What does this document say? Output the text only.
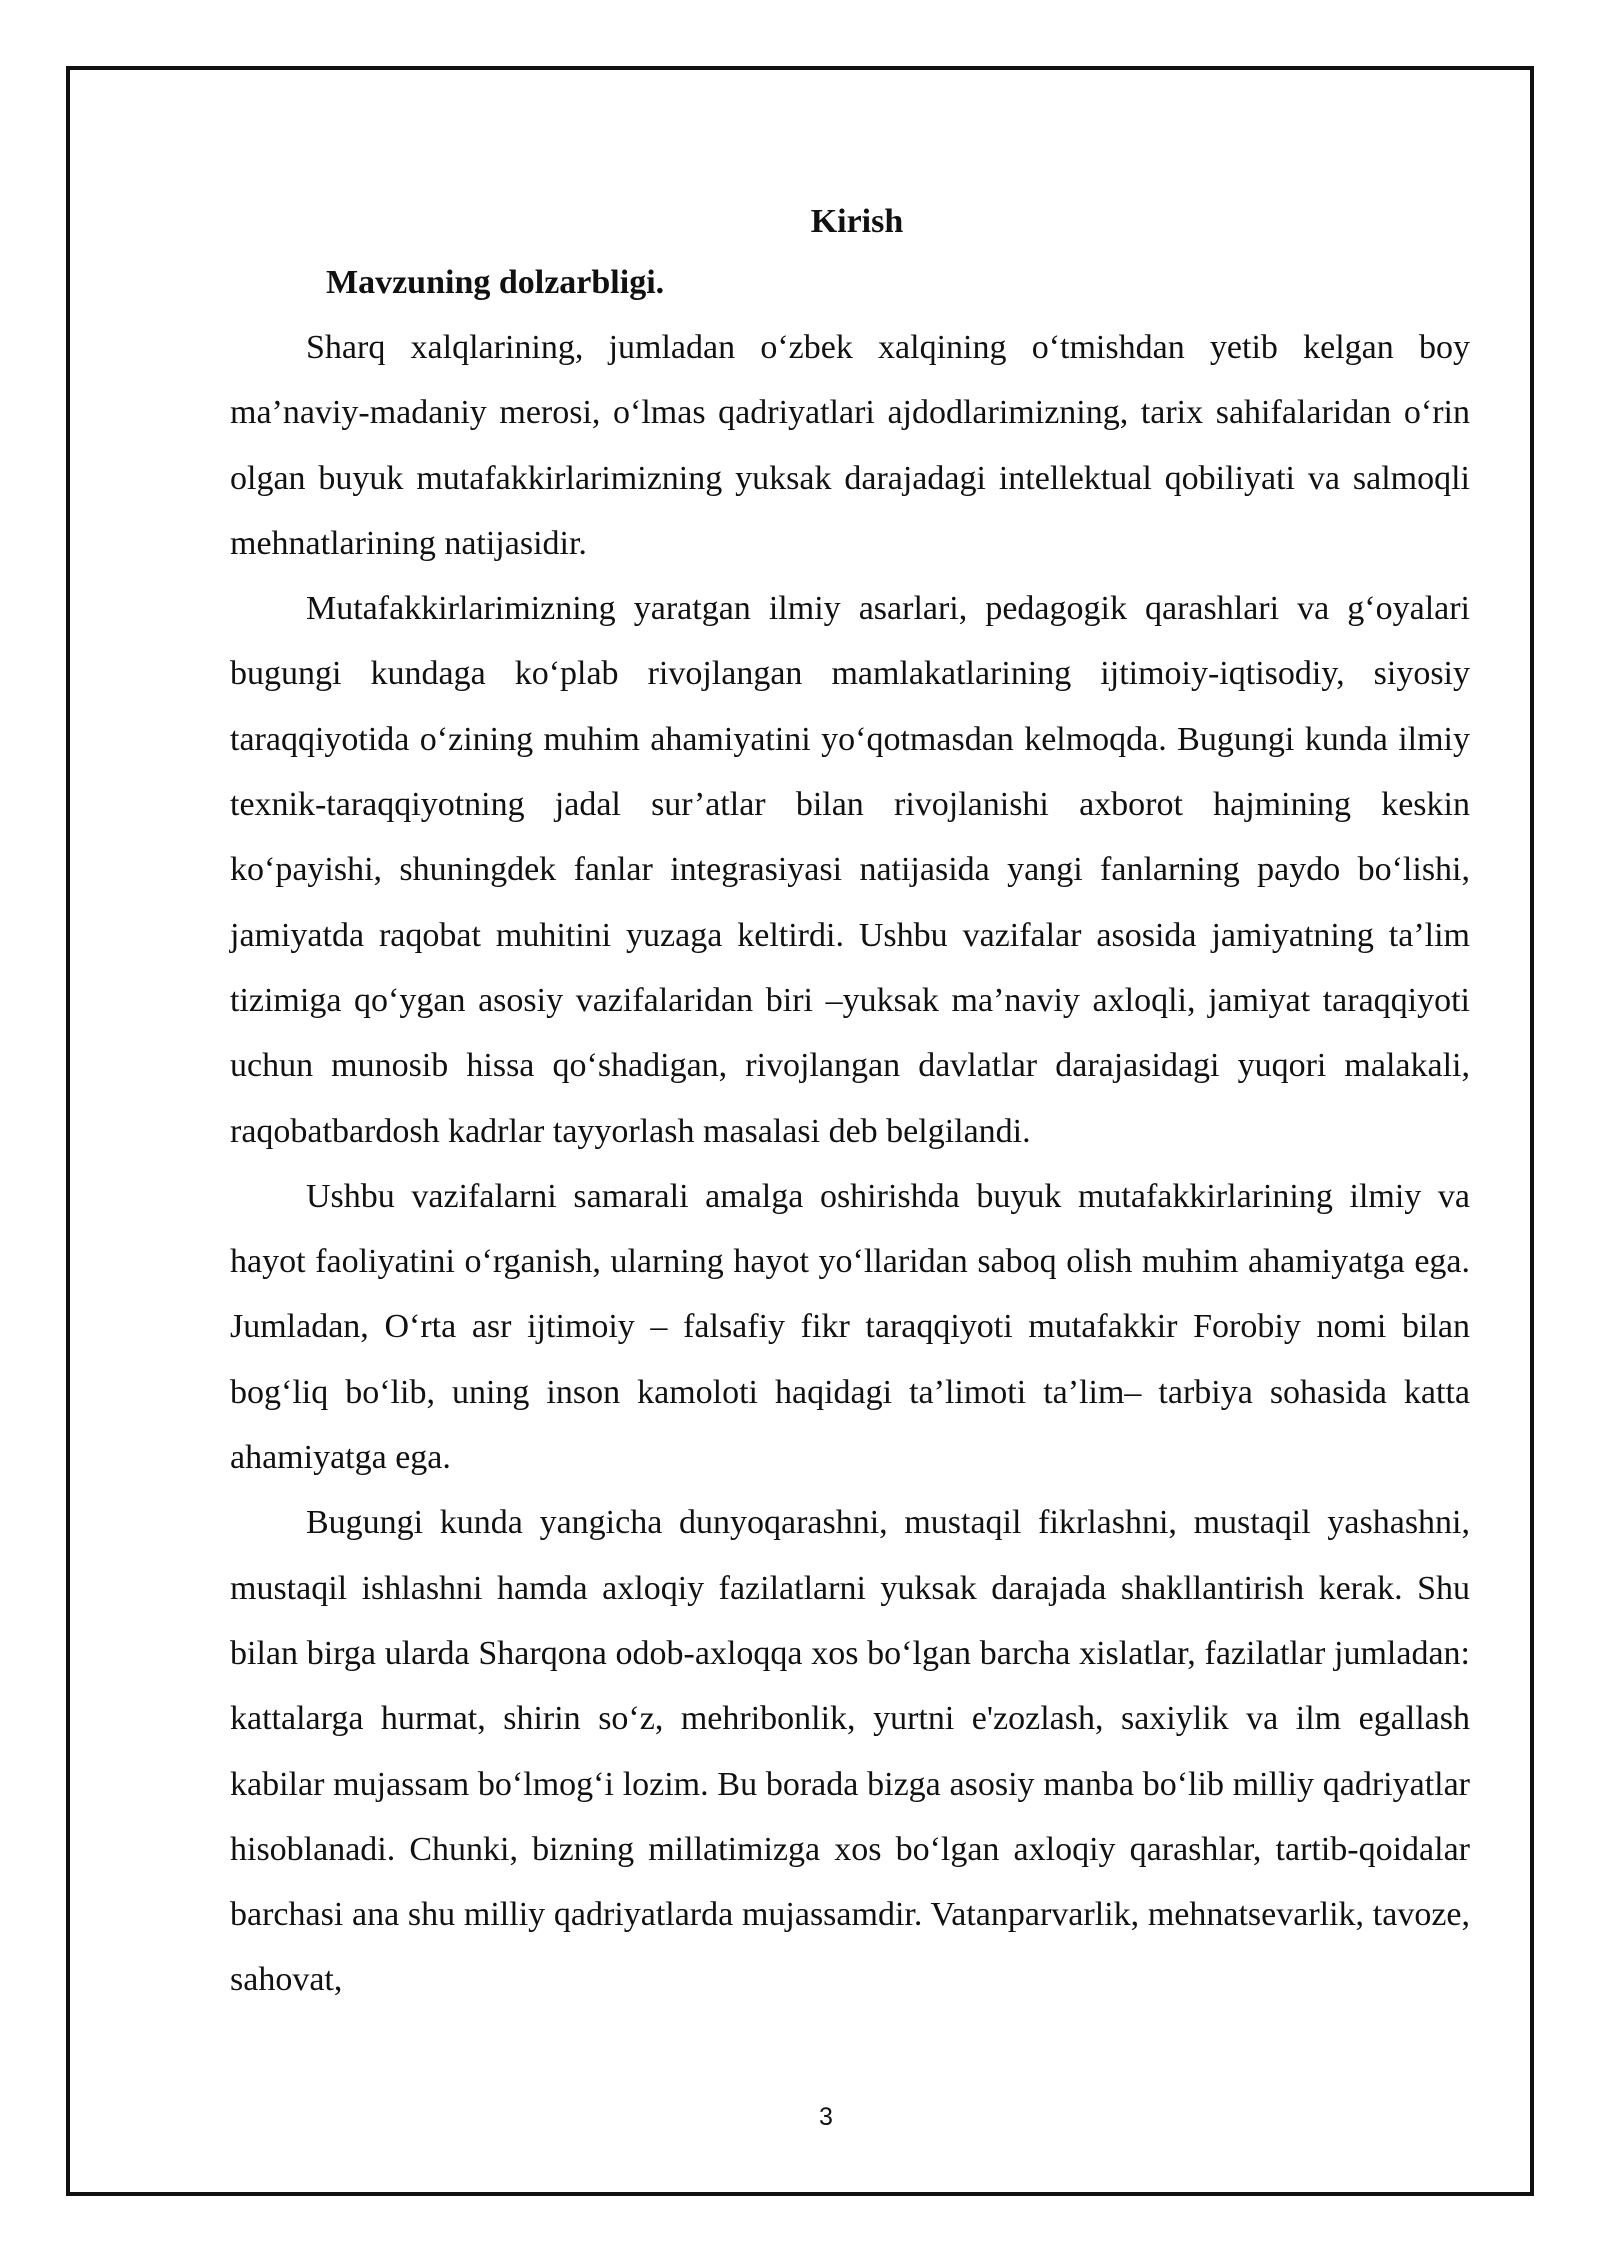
Kirish
Mavzuning dolzarbligi.

Sharq xalqlarining, jumladan o‘zbek xalqining o‘tmishdan yetib kelgan boy ma’naviy-madaniy merosi, o‘lmas qadriyatlari ajdodlarimizning, tarix sahifalaridan o‘rin olgan buyuk mutafakkirlarimizning yuksak darajadagi intellektual qobiliyati va salmoqli mehnatlarining natijasidir.

Mutafakkirlarimizning yaratgan ilmiy asarlari, pedagogik qarashlari va g‘oyalari bugungi kundaga ko‘plab rivojlangan mamlakatlarining ijtimoiy-iqtisodiy, siyosiy taraqqiyotida o‘zining muhim ahamiyatini yo‘qotmasdan kelmoqda. Bugungi kunda ilmiy texnik-taraqqiyotning jadal sur’atlar bilan rivojlanishi axborot hajmining keskin ko‘payishi, shuningdek fanlar integrasiyasi natijasida yangi fanlarning paydo bo‘lishi, jamiyatda raqobat muhitini yuzaga keltirdi. Ushbu vazifalar asosida jamiyatning ta’lim tizimiga qo‘ygan asosiy vazifalaridan biri –yuksak ma’naviy axloqli, jamiyat taraqqiyoti uchun munosib hissa qo‘shadigan, rivojlangan davlatlar darajasidagi yuqori malakali, raqobatbardosh kadrlar tayyorlash masalasi deb belgilandi.

Ushbu vazifalarni samarali amalga oshirishda buyuk mutafakkirlarining ilmiy va hayot faoliyatini o‘rganish, ularning hayot yo‘llaridan saboq olish muhim ahamiyatga ega. Jumladan, O‘rta asr ijtimoiy – falsafiy fikr taraqqiyoti mutafakkir Forobiy nomi bilan bog‘liq bo‘lib, uning inson kamoloti haqidagi ta’limoti ta’lim– tarbiya sohasida katta ahamiyatga ega.

Bugungi kunda yangicha dunyoqarashni, mustaqil fikrlashni, mustaqil yashashni, mustaqil ishlashni hamda axloqiy fazilatlarni yuksak darajada shakllantirish kerak. Shu bilan birga ularda Sharqona odob-axloqqa xos bo‘lgan barcha xislatlar, fazilatlar jumladan: kattalarga hurmat, shirin so‘z, mehribonlik, yurtni e'zozlash, saxiylik va ilm egallash kabilar mujassam bo‘lmog‘i lozim. Bu borada bizga asosiy manba bo‘lib milliy qadriyatlar hisoblanadi. Chunki, bizning millatimizga xos bo‘lgan axloqiy qarashlar, tartib-qoidalar barchasi ana shu milliy qadriyatlarda mujassamdir. Vatanparvarlik, mehnatsevarlik, tavoze, sahovat,

3
